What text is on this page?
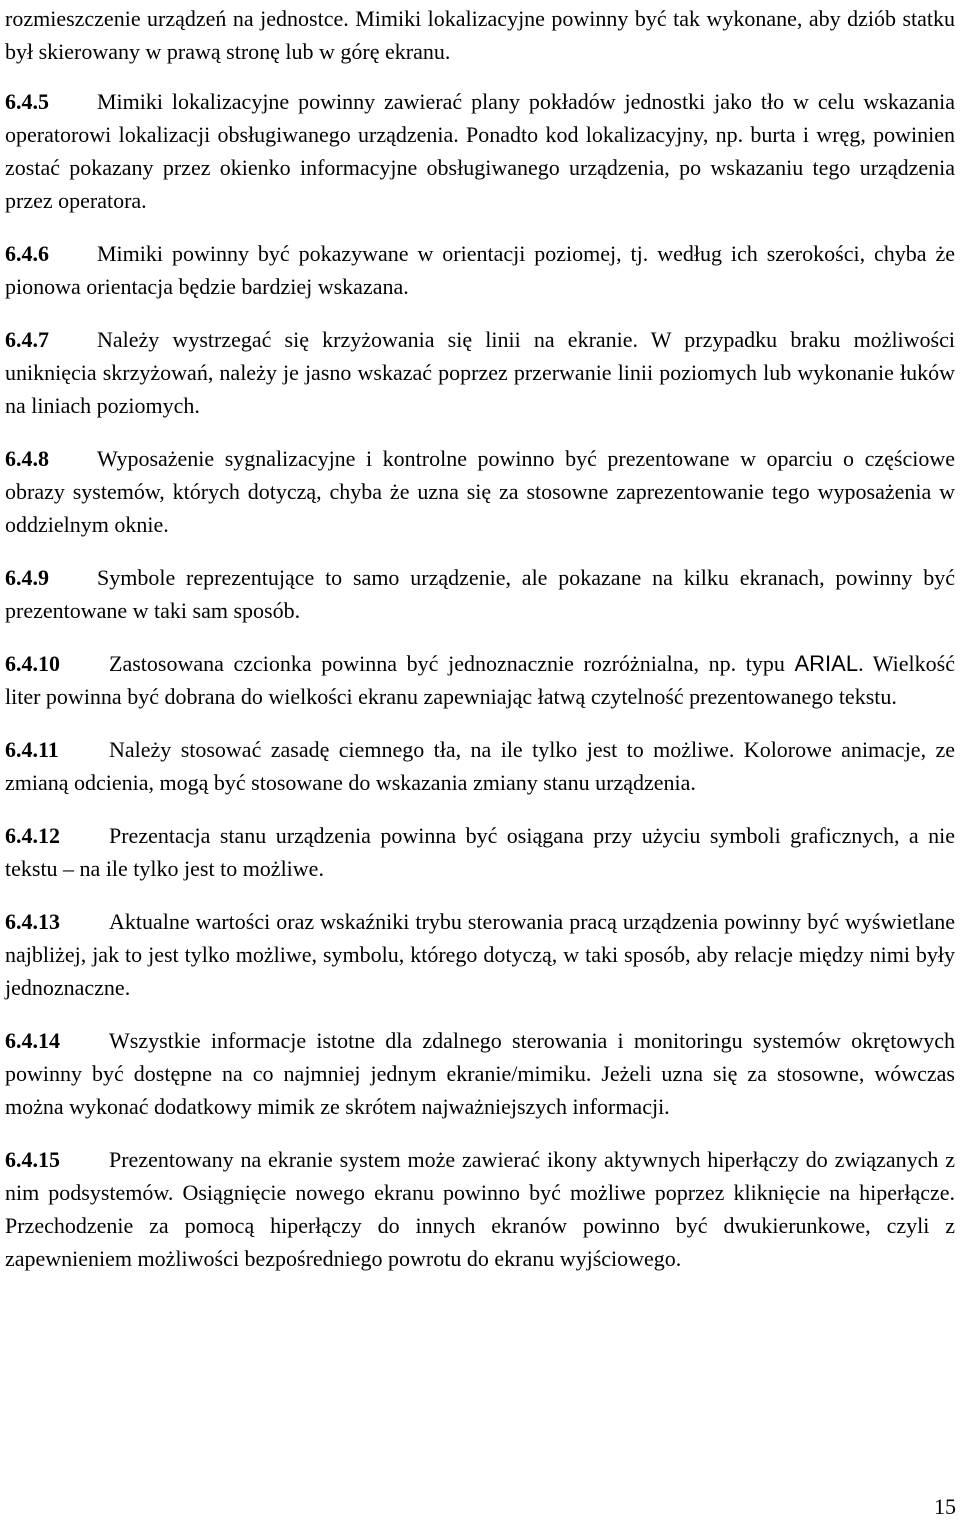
rozmieszczenie urządzeń na jednostce. Mimiki lokalizacyjne powinny być tak wykonane, aby dziób statku był skierowany w prawą stronę lub w górę ekranu.

6.4.5 Mimiki lokalizacyjne powinny zawierać plany pokładów jednostki jako tło w celu wskazania operatorowi lokalizacji obsługiwanego urządzenia. Ponadto kod lokalizacyjny, np. burta i wręg, powinien zostać pokazany przez okienko informacyjne obsługiwanego urządzenia, po wskazaniu tego urządzenia przez operatora.

6.4.6 Mimiki powinny być pokazywane w orientacji poziomej, tj. według ich szerokości, chyba że pionowa orientacja będzie bardziej wskazana.

6.4.7 Należy wystrzegać się krzyżowania się linii na ekranie. W przypadku braku możliwości uniknięcia skrzyżowań, należy je jasno wskazać poprzez przerwanie linii poziomych lub wykonanie łuków na liniach poziomych.

6.4.8 Wyposażenie sygnalizacyjne i kontrolne powinno być prezentowane w oparciu o częściowe obrazy systemów, których dotyczą, chyba że uzna się za stosowne zaprezentowanie tego wyposażenia w oddzielnym oknie.

6.4.9 Symbole reprezentujące to samo urządzenie, ale pokazane na kilku ekranach, powinny być prezentowane w taki sam sposób.

6.4.10 Zastosowana czcionka powinna być jednoznacznie rozróżnialna, np. typu ARIAL. Wielkość liter powinna być dobrana do wielkości ekranu zapewniając łatwą czytelność prezentowanego tekstu.

6.4.11 Należy stosować zasadę ciemnego tła, na ile tylko jest to możliwe. Kolorowe animacje, ze zmianą odcienia, mogą być stosowane do wskazania zmiany stanu urządzenia.

6.4.12 Prezentacja stanu urządzenia powinna być osiągana przy użyciu symboli graficznych, a nie tekstu – na ile tylko jest to możliwe.

6.4.13 Aktualne wartości oraz wskaźniki trybu sterowania pracą urządzenia powinny być wyświetlane najbliżej, jak to jest tylko możliwe, symbolu, którego dotyczą, w taki sposób, aby relacje między nimi były jednoznaczne.

6.4.14 Wszystkie informacje istotne dla zdalnego sterowania i monitoringu systemów okrętowych powinny być dostępne na co najmniej jednym ekranie/mimiku. Jeżeli uzna się za stosowne, wówczas można wykonać dodatkowy mimik ze skrótem najważniejszych informacji.

6.4.15 Prezentowany na ekranie system może zawierać ikony aktywnych hiperłączy do związanych z nim podsystemów. Osiągnięcie nowego ekranu powinno być możliwe poprzez kliknięcie na hiperłącze. Przechodzenie za pomocą hiperłączy do innych ekranów powinno być dwukierunkowe, czyli z zapewnieniem możliwości bezpośredniego powrotu do ekranu wyjściowego.

15
